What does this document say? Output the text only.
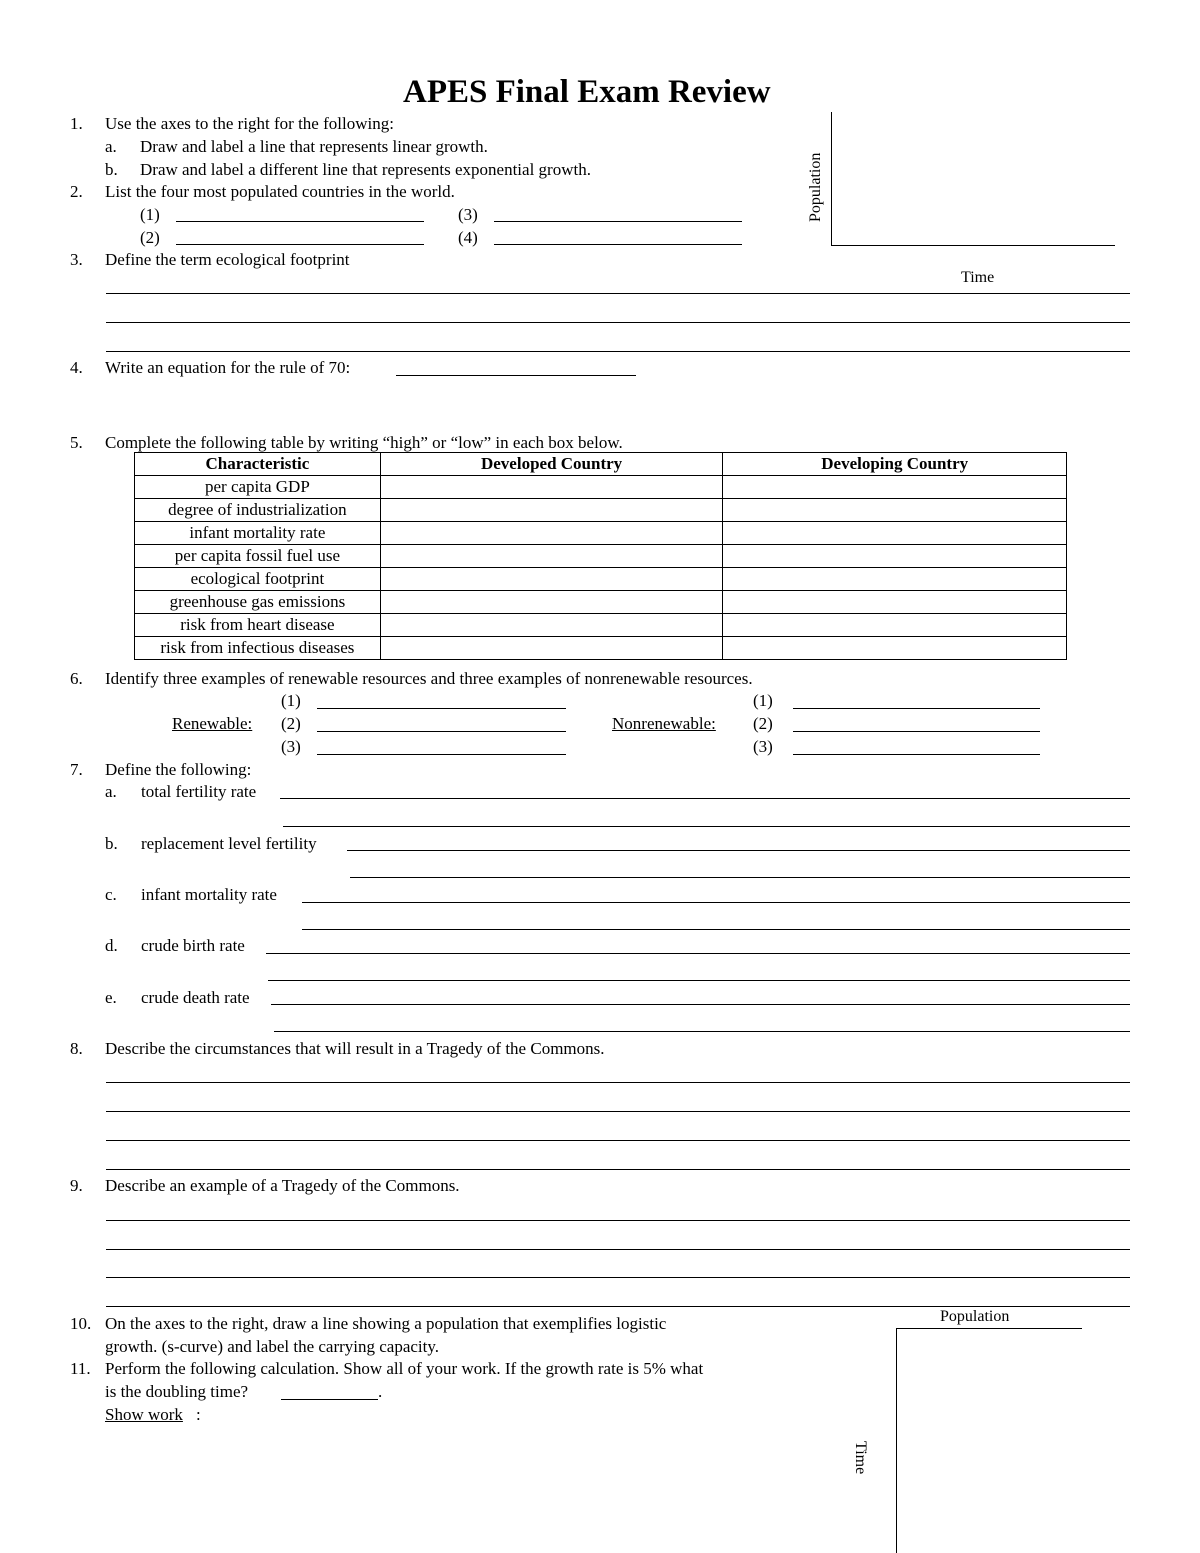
APES Final Exam Review
1. Use the axes to the right for the following:
a. Draw and label a line that represents linear growth.
b. Draw and label a different line that represents exponential growth.	Population
Time
2. List the four most populated countries in the world.
(1)
(2)
(3)
(4)
3. Define the term ecological footprint
4. Write an equation for the rule of 70:
5. Complete the following table by writing “high” or “low” in each box below.
Characteristic	Developed Country	Developing Country
per capita GDP		
degree of industrialization		
infant mortality rate		
per capita fossil fuel use		
ecological footprint		
greenhouse gas emissions		
risk from heart disease		
risk from infectious diseases		
6. Identify three examples of renewable resources and three examples of nonrenewable resources.
Renewable:
(1)
(2)
(3)
Nonrenewable:
(1)
(2)
(3)
7. Define the following:
a. total fertility rate
b. replacement level fertility
c. infant mortality rate
d. crude birth rate
e. crude death rate
8. Describe the circumstances that will result in a Tragedy of the Commons.
9. Describe an example of a Tragedy of the Commons.
10. On the axes to the right, draw a line showing a population that exemplifies logistic
growth. (s-curve) and label the carrying capacity.
Population
Time
11. Perform the following calculation. Show all of your work. If the growth rate is 5% what
is the doubling time?	.
Show work :
